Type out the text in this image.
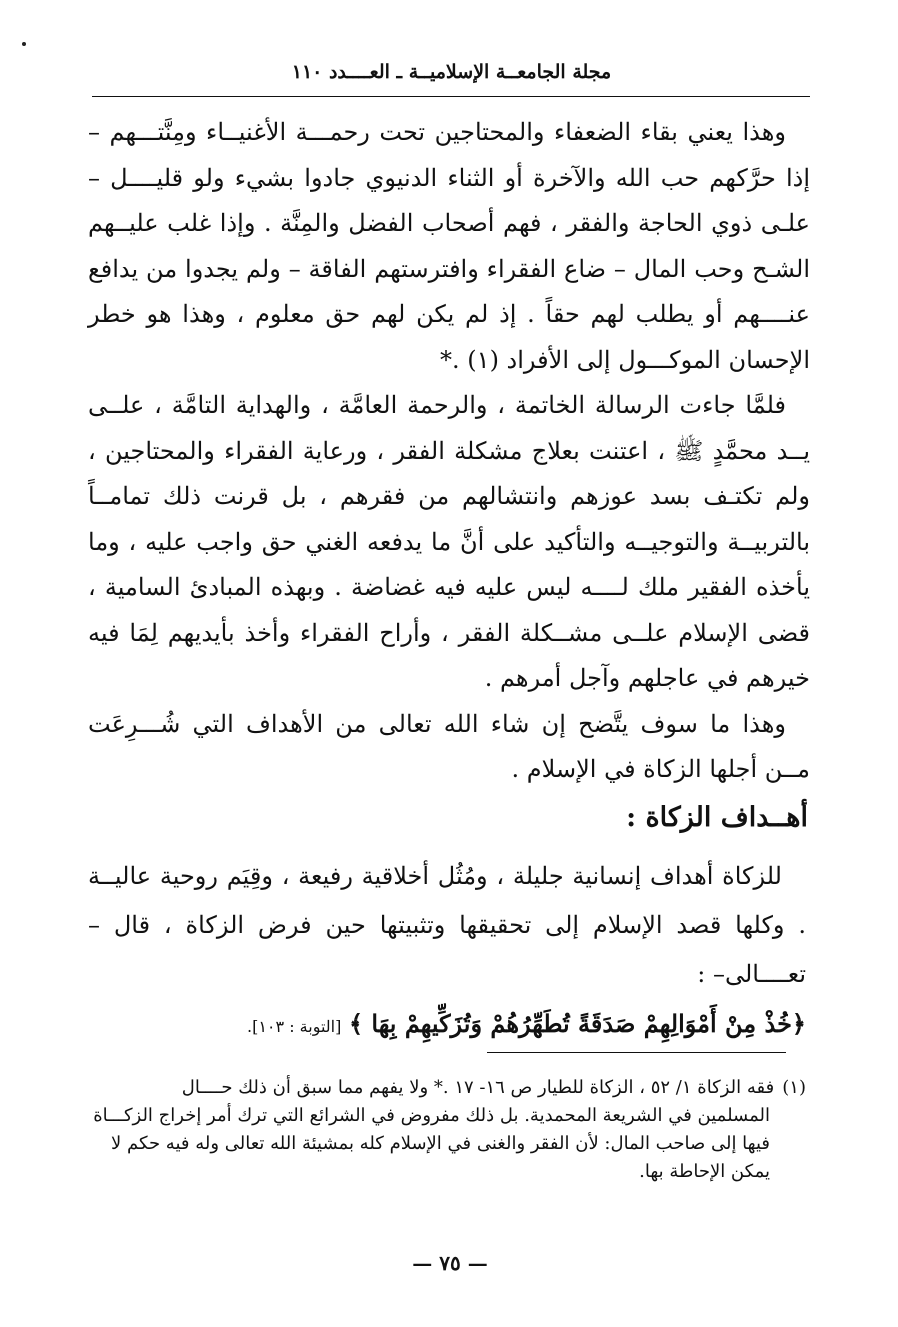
مجلة الجامعــة الإسلاميــة ـ العــــدد ١١٠

وهذا يعني بقاء الضعفاء والمحتاجين تحت رحمـــة الأغنيــاء ومِنَّتـــهم – إذا حرَّكهم حب الله والآخرة أو الثناء الدنيوي جادوا بشيء ولو قليــــل – علـى ذوي الحاجة والفقر ، فهم أصحاب الفضل والمِنَّة . وإذا غلب عليــهم الشـح وحب المال – ضاع الفقراء وافترستهم الفاقة – ولم يجدوا من يدافع عنــــهم أو يطلب لهم حقاً . إذ لم يكن لهم حق معلوم ، وهذا هو خطر الإحسان الموكـــول إلى الأفراد (١) .*

فلمَّا جاءت الرسالة الخاتمة ، والرحمة العامَّة ، والهداية التامَّة ، علــى يــد محمَّدٍ ﷺ ، اعتنت بعلاج مشكلة الفقر ، ورعاية الفقراء والمحتاجين ، ولم تكتـف بسد عوزهم وانتشالهم من فقرهم ، بل قرنت ذلك تمامــاً بالتربيــة والتوجيــه والتأكيد على أنَّ ما يدفعه الغني حق واجب عليه ، وما يأخذه الفقير ملك لــــه ليس عليه فيه غضاضة . وبهذه المبادئ السامية ، قضى الإسلام علــى مشــكلة الفقر ، وأراح الفقراء وأخذ بأيديهم لِمَا فيه خيرهم في عاجلهم وآجل أمرهم .

وهذا ما سوف يتَّضح إن شاء الله تعالى من الأهداف التي شُـــرِعَت مــن أجلها الزكاة في الإسلام .

أهــداف الزكاة :

للزكاة أهداف إنسانية جليلة ، ومُثُل أخلاقية رفيعة ، وقِيَم روحية عاليــة . وكلها قصد الإسلام إلى تحقيقها وتثبيتها حين فرض الزكاة ، قال –تعــــالى– :

﴿خُذْ مِنْ أَمْوَالِهِمْ صَدَقَةً تُطَهِّرُهُمْ وَتُزَكِّيهِمْ بِهَا ﴾ [التوبة : ١٠٣].

(١)فقه الزكاة ١/ ٥٢ ، الزكاة للطيار ص ١٦- ١٧ .* ولا يفهم مما سبق أن ذلك حــــال
المسلمين في الشريعة المحمدية. بل ذلك مفروض في الشرائع التي ترك أمر إخراج الزكـــاة
فيها إلى صاحب المال: لأن الفقر والغنى في الإسلام كله بمشيئة الله تعالى وله فيه حكم لا
يمكن الإحاطة بها.
— ٧٥ —
